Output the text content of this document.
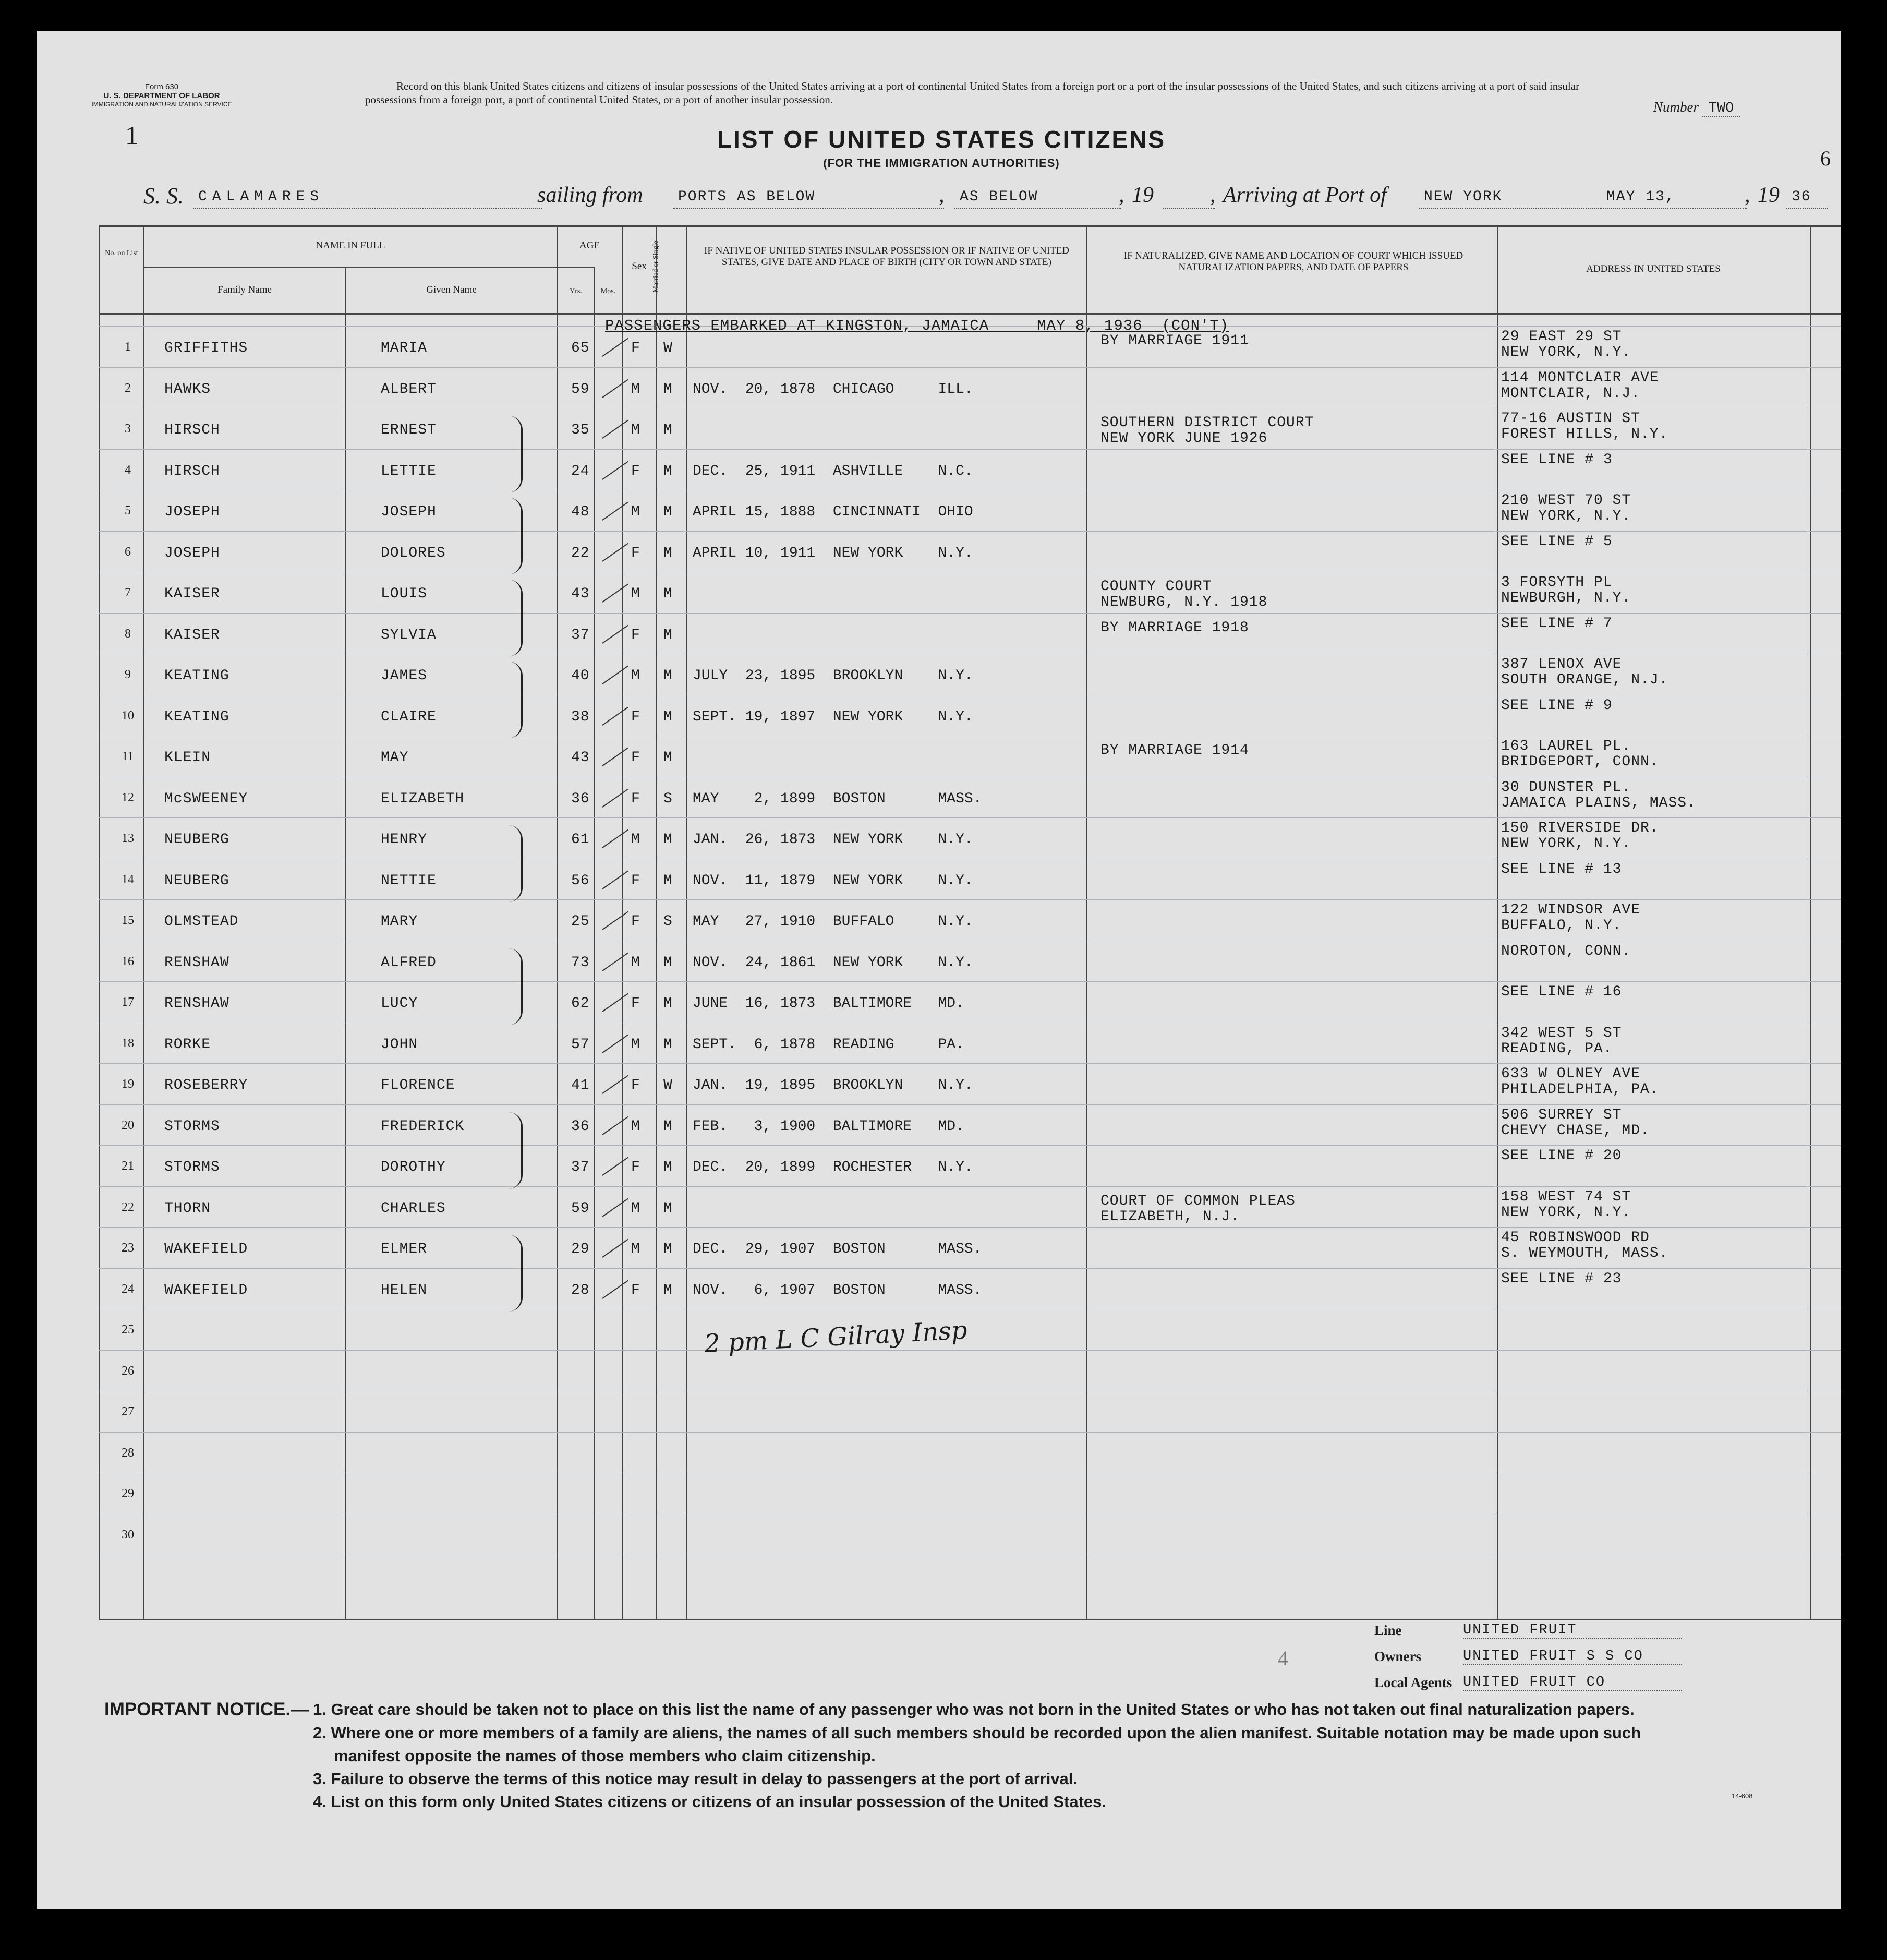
Form 630
U. S. DEPARTMENT OF LABOR
IMMIGRATION AND NATURALIZATION SERVICE
1
Record on this blank United States citizens and citizens of insular possessions of the United States arriving at a port of continental United States from a foreign port or a port of the insular possessions of the United States, and such citizens arriving at a port of said insular possessions from a foreign port, a port of continental United States, or a port of another insular possession.	Number TWO
6
LIST OF UNITED STATES CITIZENS
(FOR THE IMMIGRATION AUTHORITIES)
S. S.	CALAMARES	sailing from	PORTS AS BELOW	,	AS BELOW	, 19	, Arriving at Port of	NEW YORK	MAY 13,	, 19 36
No. on List
NAME IN FULL
Family Name	Given Name
AGE
Yrs.	Mos.
Sex Married or Single	IF NATIVE OF UNITED STATES INSULAR POSSESSION OR IF NATIVE OF UNITED STATES, GIVE DATE AND PLACE OF BIRTH (CITY OR TOWN AND STATE)
IF NATURALIZED, GIVE NAME AND LOCATION OF COURT WHICH ISSUED NATURALIZATION PAPERS, AND DATE OF PAPERS	ADDRESS IN UNITED STATES
1	GRIFFITHS	MARIA	65	F W	BY MARRIAGE 1911	29 EAST 29 ST
NEW YORK, N.Y.
2	HAWKS	ALBERT	59	M M NOV.  20, 1878  CHICAGO     ILL.
114 MONTCLAIR AVE
MONTCLAIR, N.J.
3	HIRSCH	ERNEST	35	M M	SOUTHERN DISTRICT COURT
NEW YORK JUNE 1926
77-16 AUSTIN ST
FOREST HILLS, N.Y.
4	HIRSCH	LETTIE	24	F M DEC.  25, 1911  ASHVILLE    N.C.
SEE LINE # 3
5	JOSEPH	JOSEPH	48	M M APRIL 15, 1888  CINCINNATI  OHIO
210 WEST 70 ST
NEW YORK, N.Y.
6	JOSEPH	DOLORES	22	F M APRIL 10, 1911  NEW YORK    N.Y.
SEE LINE # 5
7	KAISER	LOUIS	43	M M	COUNTY COURT
NEWBURG, N.Y. 1918
3 FORSYTH PL
NEWBURGH, N.Y.
8	KAISER	SYLVIA	37	F M	BY MARRIAGE 1918	SEE LINE # 7
9	KEATING	JAMES	40	M M JULY  23, 1895  BROOKLYN    N.Y.
387 LENOX AVE
SOUTH ORANGE, N.J.
10	KEATING	CLAIRE	38	F M SEPT. 19, 1897  NEW YORK    N.Y.
SEE LINE # 9
11	KLEIN	MAY	43	F M	BY MARRIAGE 1914	163 LAUREL PL.
BRIDGEPORT, CONN.
12	McSWEENEY	ELIZABETH	36	F S MAY    2, 1899  BOSTON      MASS.
30 DUNSTER PL.
JAMAICA PLAINS, MASS.
13	NEUBERG	HENRY	61	M M JAN.  26, 1873  NEW YORK    N.Y.
150 RIVERSIDE DR.
NEW YORK, N.Y.
14	NEUBERG	NETTIE	56	F M NOV.  11, 1879  NEW YORK    N.Y.
SEE LINE # 13
15	OLMSTEAD	MARY	25	F S MAY   27, 1910  BUFFALO     N.Y.
122 WINDSOR AVE
BUFFALO, N.Y.
16	RENSHAW	ALFRED	73	M M NOV.  24, 1861  NEW YORK    N.Y.
NOROTON, CONN.
17	RENSHAW	LUCY	62	F M JUNE  16, 1873  BALTIMORE   MD.
SEE LINE # 16
18	RORKE	JOHN	57	M M SEPT.  6, 1878  READING     PA.
342 WEST 5 ST
READING, PA.
19	ROSEBERRY	FLORENCE	41	F W JAN.  19, 1895  BROOKLYN    N.Y.
633 W OLNEY AVE
PHILADELPHIA, PA.
20	STORMS	FREDERICK	36	M M FEB.   3, 1900  BALTIMORE   MD.
506 SURREY ST
CHEVY CHASE, MD.
21	STORMS	DOROTHY	37	F M DEC.  20, 1899  ROCHESTER   N.Y.
SEE LINE # 20
22	THORN	CHARLES	59	M M	COURT OF COMMON PLEAS
ELIZABETH, N.J.
158 WEST 74 ST
NEW YORK, N.Y.
23	WAKEFIELD	ELMER	29	M M DEC.  29, 1907  BOSTON      MASS.
45 ROBINSWOOD RD
S. WEYMOUTH, MASS.
24	WAKEFIELD	HELEN	28	F M NOV.   6, 1907  BOSTON      MASS.
SEE LINE # 23
25
26
27
28
29
30
PASSENGERS EMBARKED AT KINGSTON, JAMAICA     MAY 8, 1936  (CON'T)
2 pm L C Gilray Insp
4
Line	UNITED FRUIT
Owners	UNITED FRUIT S S CO
Local Agents UNITED FRUIT CO
IMPORTANT NOTICE.— 1. Great care should be taken not to place on this list the name of any passenger who was not born in the United States or who has not taken out final naturalization papers.
2. Where one or more members of a family are aliens, the names of all such members should be recorded upon the alien manifest. Suitable notation may be made upon such
manifest opposite the names of those members who claim citizenship.
3. Failure to observe the terms of this notice may result in delay to passengers at the port of arrival.
4. List on this form only United States citizens or citizens of an insular possession of the United States.	14-608
